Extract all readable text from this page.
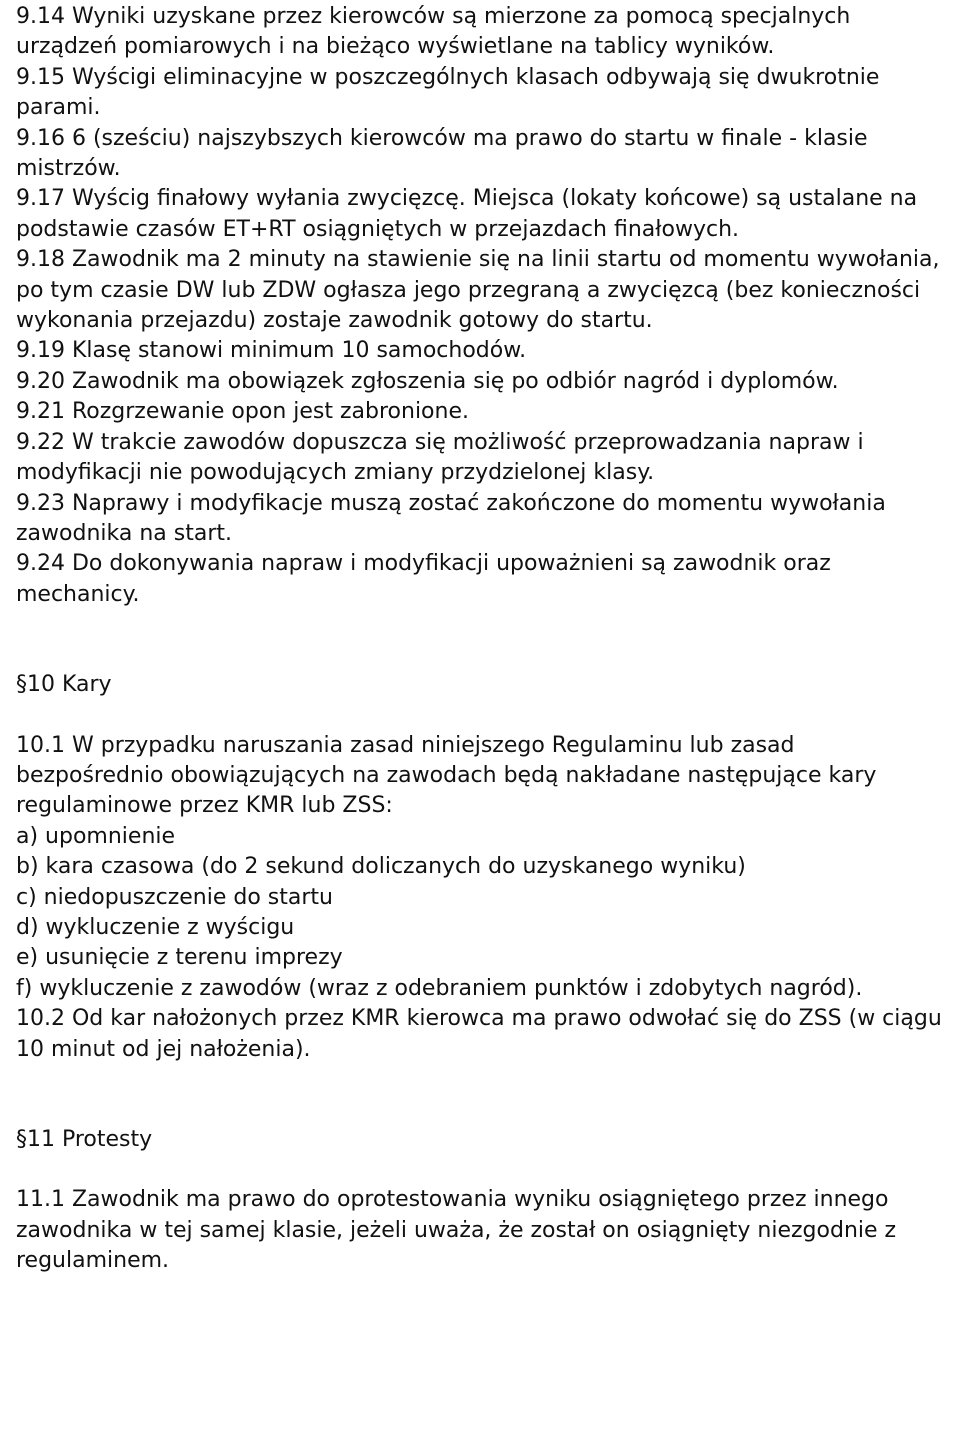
9.14 Wyniki uzyskane przez kierowców są mierzone za pomocą specjalnych urządzeń pomiarowych i na bieżąco wyświetlane na tablicy wyników.

9.15 Wyścigi eliminacyjne w poszczególnych klasach odbywają się dwukrotnie parami.

9.16 6 (sześciu) najszybszych kierowców ma prawo do startu w finale - klasie mistrzów.

9.17 Wyścig finałowy wyłania zwycięzcę. Miejsca (lokaty końcowe) są ustalane na podstawie czasów ET+RT osiągniętych w przejazdach finałowych.

9.18 Zawodnik ma 2 minuty na stawienie się na linii startu od momentu wywołania, po tym czasie DW lub ZDW ogłasza jego przegraną a zwycięzcą (bez konieczności wykonania przejazdu) zostaje zawodnik gotowy do startu.

9.19 Klasę stanowi minimum 10 samochodów.

9.20 Zawodnik ma obowiązek zgłoszenia się po odbiór nagród i dyplomów.

9.21 Rozgrzewanie opon jest zabronione.

9.22 W trakcie zawodów dopuszcza się możliwość przeprowadzania napraw i modyfikacji nie powodujących zmiany przydzielonej klasy.

9.23 Naprawy i modyfikacje muszą zostać zakończone do momentu wywołania zawodnika na start.

9.24 Do dokonywania napraw i modyfikacji upoważnieni są zawodnik oraz mechanicy.

§10 Kary

10.1 W przypadku naruszania zasad niniejszego Regulaminu lub zasad bezpośrednio obowiązujących na zawodach będą nakładane następujące kary regulaminowe przez KMR lub ZSS:

a) upomnienie

b) kara czasowa (do 2 sekund doliczanych do uzyskanego wyniku)

c) niedopuszczenie do startu

d) wykluczenie z wyścigu

e) usunięcie z terenu imprezy

f) wykluczenie z zawodów (wraz z odebraniem punktów i zdobytych nagród).

10.2 Od kar nałożonych przez KMR kierowca ma prawo odwołać się do ZSS (w ciągu 10 minut od jej nałożenia).

§11 Protesty

11.1 Zawodnik ma prawo do oprotestowania wyniku osiągniętego przez innego zawodnika w tej samej klasie, jeżeli uważa, że został on osiągnięty niezgodnie z regulaminem.
